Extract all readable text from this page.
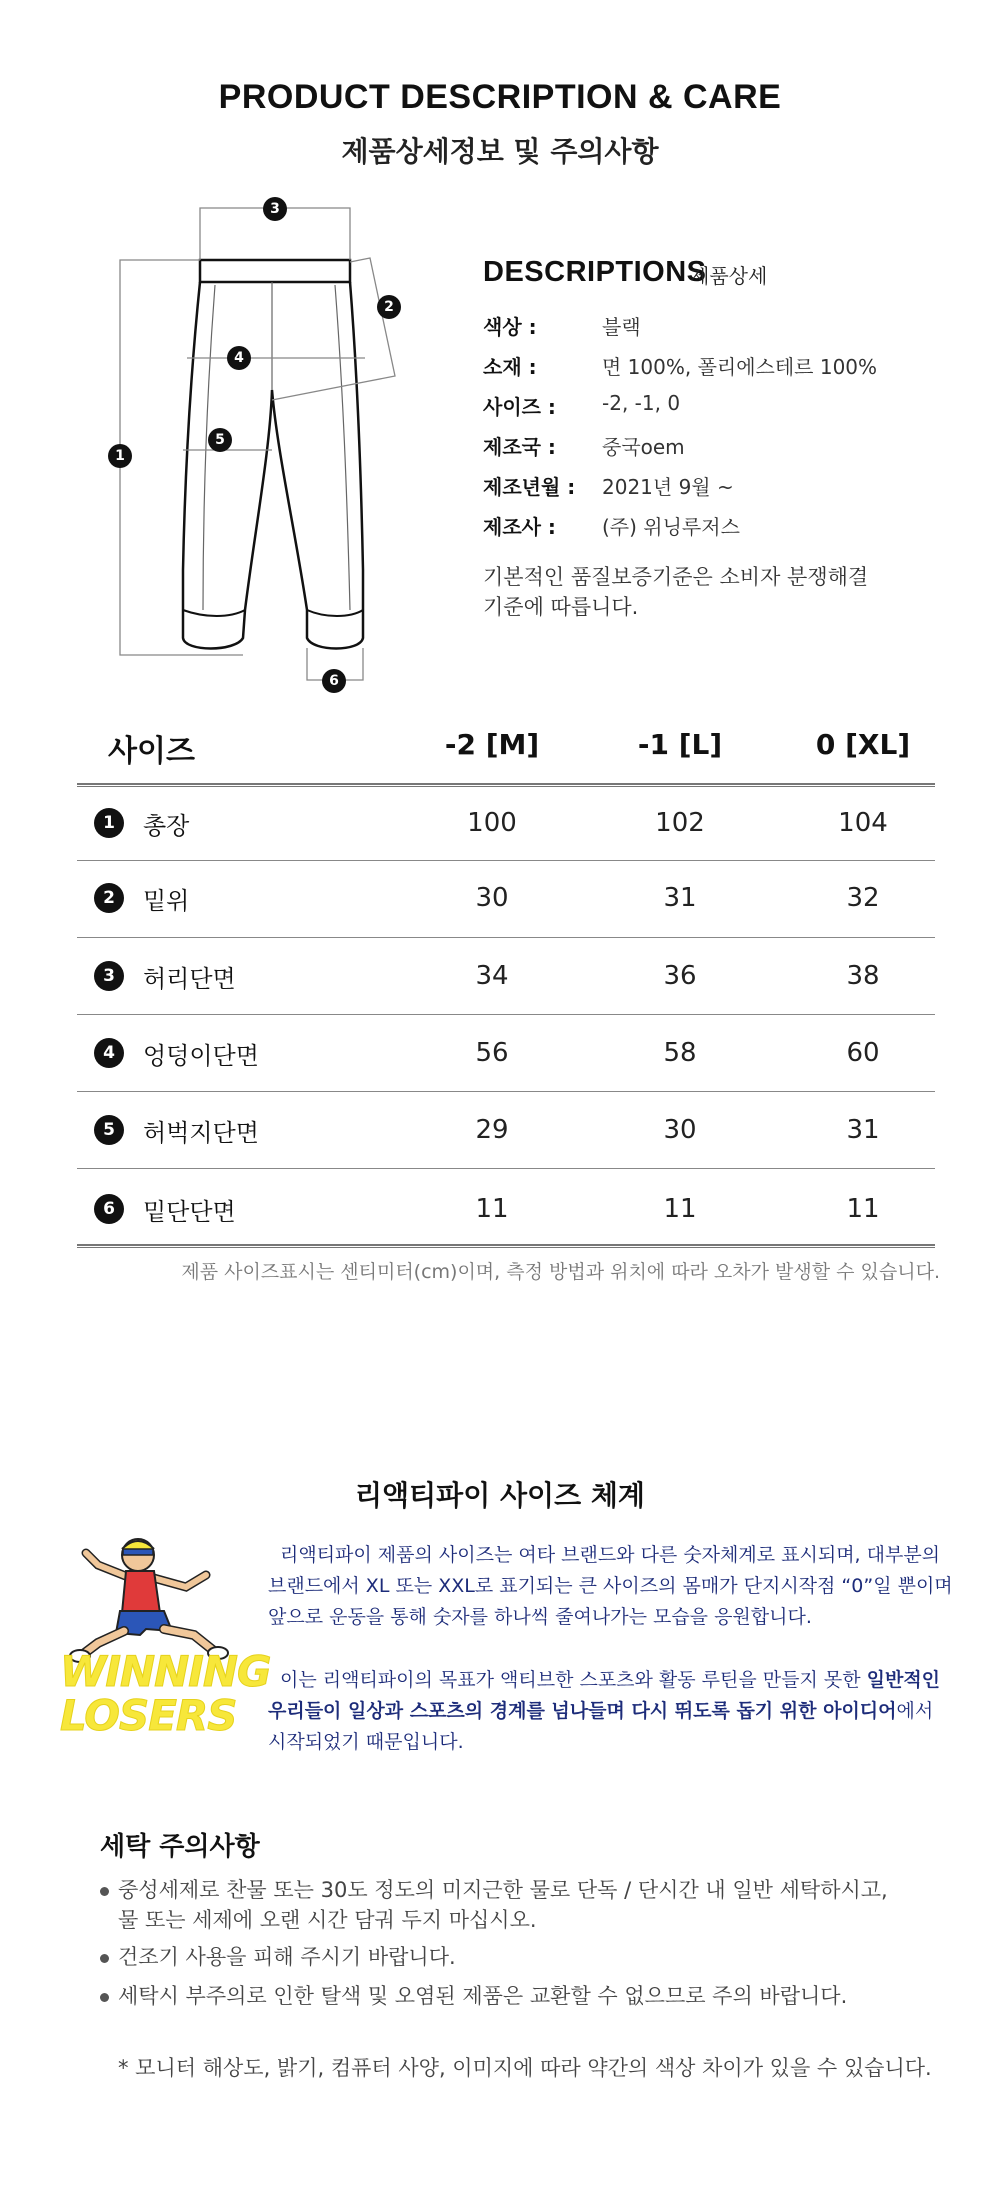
PRODUCT DESCRIPTION & CARE
제품상세정보 및 주의사항
3
2
4
5
1
6
DESCRIPTIONS
제품상세
색상 :	블랙
소재 :	면 100%, 폴리에스테르 100%
사이즈 : -2, -1, 0
제조국 : 중국oem
제조년월 : 2021년 9월 ~
제조사 : (주) 위닝루저스
기본적인 품질보증기준은 소비자 분쟁해결
기준에 따릅니다.
사이즈	-2 [M]	-1 [L]	0 [XL]
1	총장	100	102	104
2	밑위	30	31	32
3	허리단면	34	36	38
4	엉덩이단면	56	58	60
5	허벅지단면	29	30	31
6	밑단단면	11	11	11
제품 사이즈표시는 센티미터(cm)이며, 측정 방법과 위치에 따라 오차가 발생할 수 있습니다.
리액티파이 사이즈 체계
WINNING
LOSERS
리액티파이 제품의 사이즈는 여타 브랜드와 다른 숫자체계로 표시되며, 대부분의
브랜드에서 XL 또는 XXL로 표기되는 큰 사이즈의 몸매가 단지시작점 “0”일 뿐이며
앞으로 운동을 통해 숫자를 하나씩 줄여나가는 모습을 응원합니다.
이는 리액티파이의 목표가 액티브한 스포츠와 활동 루틴을 만들지 못한 일반적인
우리들이 일상과 스포츠의 경계를 넘나들며 다시 뛰도록 돕기 위한 아이디어에서
시작되었기 때문입니다.
세탁 주의사항
중성세제로 찬물 또는 30도 정도의 미지근한 물로 단독 / 단시간 내 일반 세탁하시고,
물 또는 세제에 오랜 시간 담궈 두지 마십시오.
건조기 사용을 피해 주시기 바랍니다.
세탁시 부주의로 인한 탈색 및 오염된 제품은 교환할 수 없으므로 주의 바랍니다.
* 모니터 해상도, 밝기, 컴퓨터 사양, 이미지에 따라 약간의 색상 차이가 있을 수 있습니다.
